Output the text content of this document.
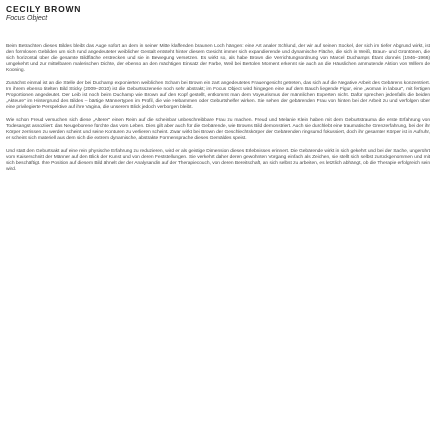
CECILY BROWN
Focus Object

Beim Betrachten dieses Bildes bleibt das Auge sofort an dem in seiner Mitte klaffenden braunen Loch hängen: eine Art analer Schlund, der wir auf seinen Sockel, der sich im tiefer Abgrund wirkt, ist den formlosen Gebilden um sich rund angedeuteter weiblicher Gestalt entsteht hinter diesem Gesicht immer sich expandierende und dynamische Fläche, die sich in Weiß, Braun- und Grüntönen, die sich horizontal über die gesamte Bildfläche erstrecken und sie in Bewegung versetzen. Es wirkt so, als habe Brown die Verrichtungsordnung von Marcel Duchamps Étant donnés (1946–1966) umgekehrt und zur mittelbaren malerischen Dichte, der ebenso an den mächtigen Einsatz der Farbe, Weil bei Bertolen Moment erkennt sie auch an die Häuslichen ammutende Aktion von Willem de Kooning.

Zunächst einmal ist an die Stelle der bei Duchamp exponierten weiblichen Scham bei Brown ein zart angedeutetes Frauengesicht getreten, das sich auf die Negative Arbeit des Gebärens konzentriert. Im ihrem ebenso titelten Bild Sticky (2009–2010) ist die Geburtsszenerie noch sehr abstrakt; im Focus Object wird hingegen eine auf dem Bauch liegende Figur, eine „woman in labour“, mit fertigen Proportionen angedeutet. Der Leib ist noch beim Duchamp wie Brown auf den Kopf gestellt, entkommt man dem Voyeurismus der männlichen Experten nicht. Dafür sprechen jedenfalls die beiden „Akteure“ im Hintergrund des Bildes – bärtige Männertypen im Profil, die wie Hebammen oder Geburtshelfer wirken. Sie sehen der gebärenden Frau von hinten bei der Arbeit zu und verfolgen über eine privilegierte Perspektive auf ihre Vagina, die unserem Blick jedoch verborgen bleibt.

Wie schon Freud versuchen sich diese „Alterer“ einen Reim auf die scheinbar unbeschreibbare Frau zu machen. Freud und Melanie Klein haben mit dem Geburtstrauma die erste Erfahrung von Todesangst assoziiert: das Neugeborene fürchte das vom Leben. Dies gilt aber auch für die Gebärende, wie Browns Bild demonstriert. Auch sie durchlebt eine traumatische Grenzerfahrung, bei der ihr Körper zerrissen zu werden scheint und seine Konturen zu verlieren scheint. Zwar wirkt bei Brown der Geschlechtskörper der Gebärenden ringsumd fokussiert, doch ihr gesamter Körper ist in Aufruhr, er scheint sich materiell aus dem sich die extrem dynamische, abstrakte Formensprache dieses Gemäldes speist.

Und statt den Geburtsakt auf eine rein physische Erfahrung zu reduzieren, wird er als geistige Dimension dieses Erlebnisses erinnert. Die Gebärende wirkt in sich gekehrt und bei der Sache, ungerührt vom Kaiserschnitt der Männer auf den Blick der Kunst und von deren Feststellungen. Sie verkehrt daher deren gewohnten Vorgang einfach als Zeichen, sie stellt sich selbst zurückgenommen und mit sich beschäftigt. Ihre Position auf diesem Bild ähnelt der der Analysandin auf der Therapiecouch, von deren Bereitschaft, an sich selbst zu arbeiten, es letztlich abhängt, ob die Therapie erfolgreich sein wird.
